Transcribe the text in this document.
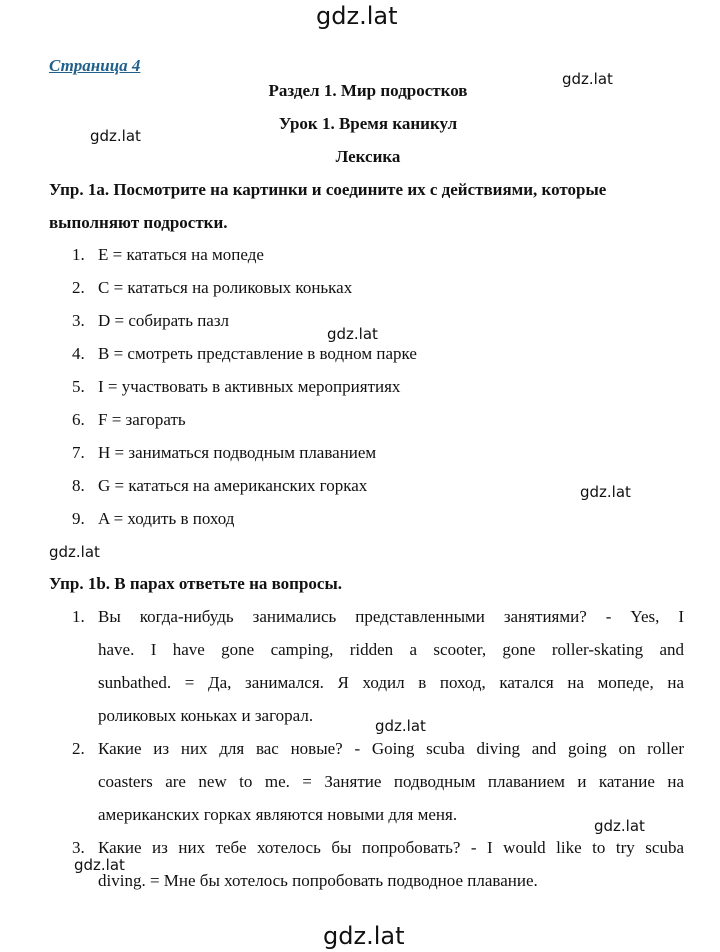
gdz.lat
gdz.lat
gdz.lat
gdz.lat
gdz.lat
gdz.lat
gdz.lat
gdz.lat
gdz.lat
gdz.lat
Страница 4
Раздел 1. Мир подростков
Урок 1. Время каникул
Лексика
Упр. 1a. Посмотрите на картинки и соедините их с действиями, которые
выполняют подростки.
1. E = кататься на мопеде
2. C = кататься на роликовых коньках
3. D = собирать пазл
4. B = смотреть представление в водном парке
5. I = участвовать в активных мероприятиях
6. F = загорать
7. H = заниматься подводным плаванием
8. G = кататься на американских горках
9. A = ходить в поход
Упр. 1b. В парах ответьте на вопросы.
1. Вы когда-нибудь занимались представленными занятиями? - Yes, I
have. I have gone camping, ridden a scooter, gone roller-skating and
sunbathed. = Да, занимался. Я ходил в поход, катался на мопеде, на
роликовых коньках и загорал.
2. Какие из них для вас новые? - Going scuba diving and going on roller
coasters are new to me. = Занятие подводным плаванием и катание на
американских горках являются новыми для меня.
3. Какие из них тебе хотелось бы попробовать? - I would like to try scuba
diving. = Мне бы хотелось попробовать подводное плавание.
